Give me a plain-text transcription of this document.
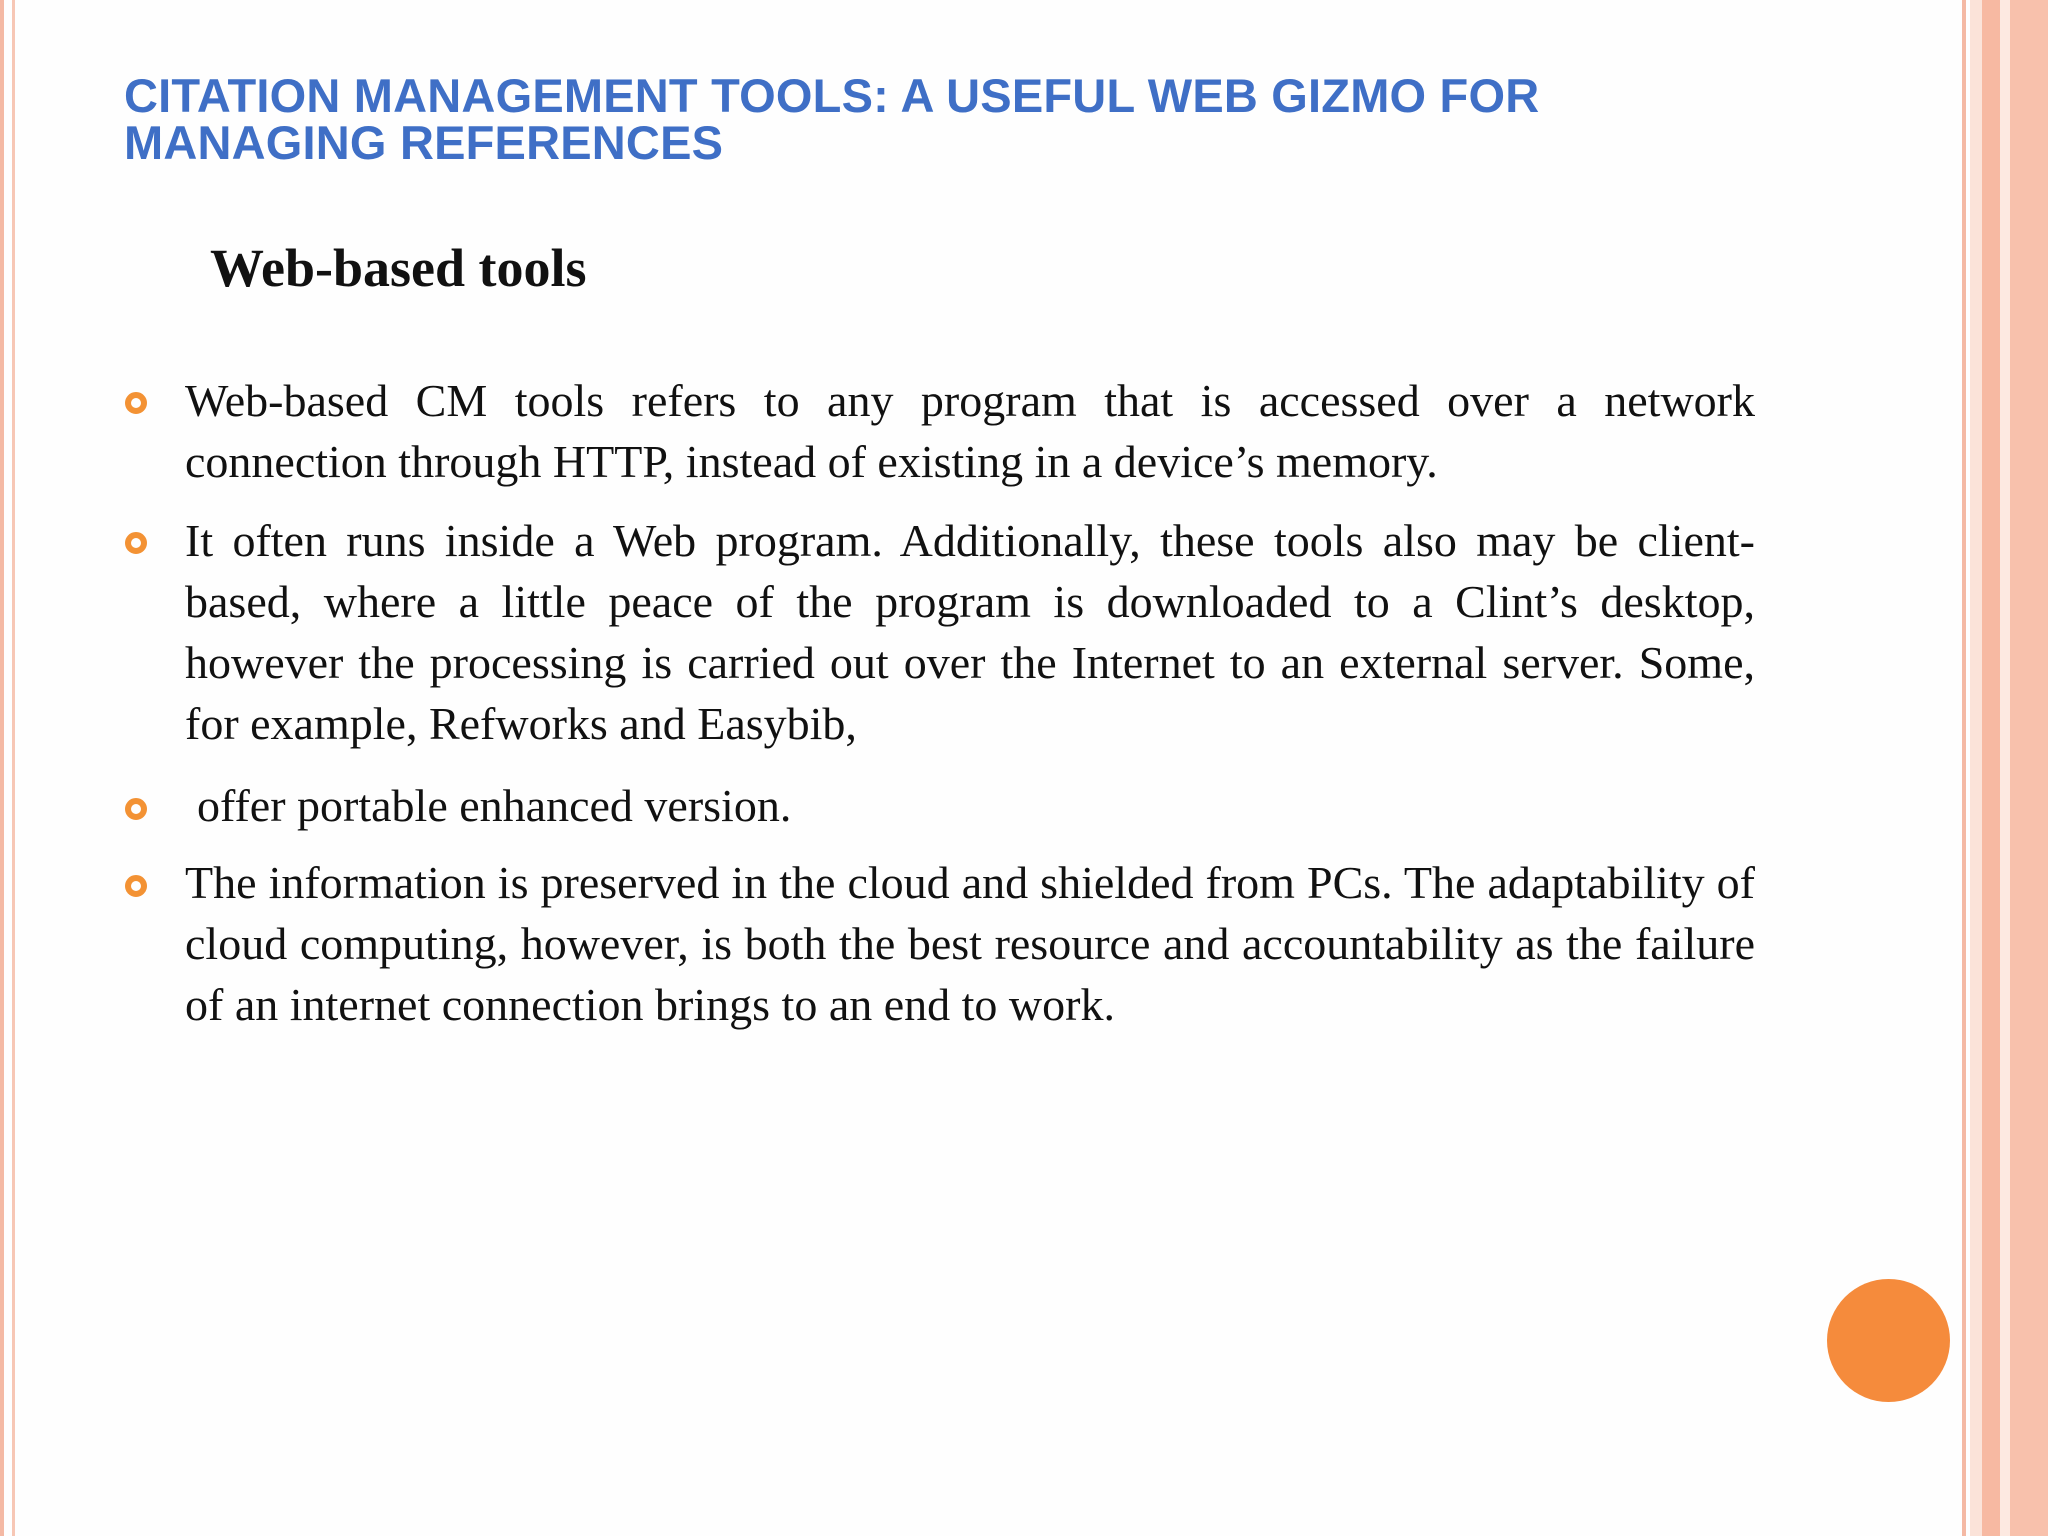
CITATION MANAGEMENT TOOLS: A USEFUL WEB GIZMO FOR MANAGING REFERENCES
Web-based tools
Web-based CM tools refers to any program that is accessed over a network connection through HTTP, instead of existing in a device’s memory.
It often runs inside a Web program. Additionally, these tools also may be client-based, where a little peace of the program is downloaded to a Clint’s desktop, however the processing is carried out over the Internet to an external server. Some, for example, Refworks and Easybib,
offer portable enhanced version.
The information is preserved in the cloud and shielded from PCs. The adaptability of cloud computing, however, is both the best resource and accountability as the failure of an internet connection brings to an end to work.
